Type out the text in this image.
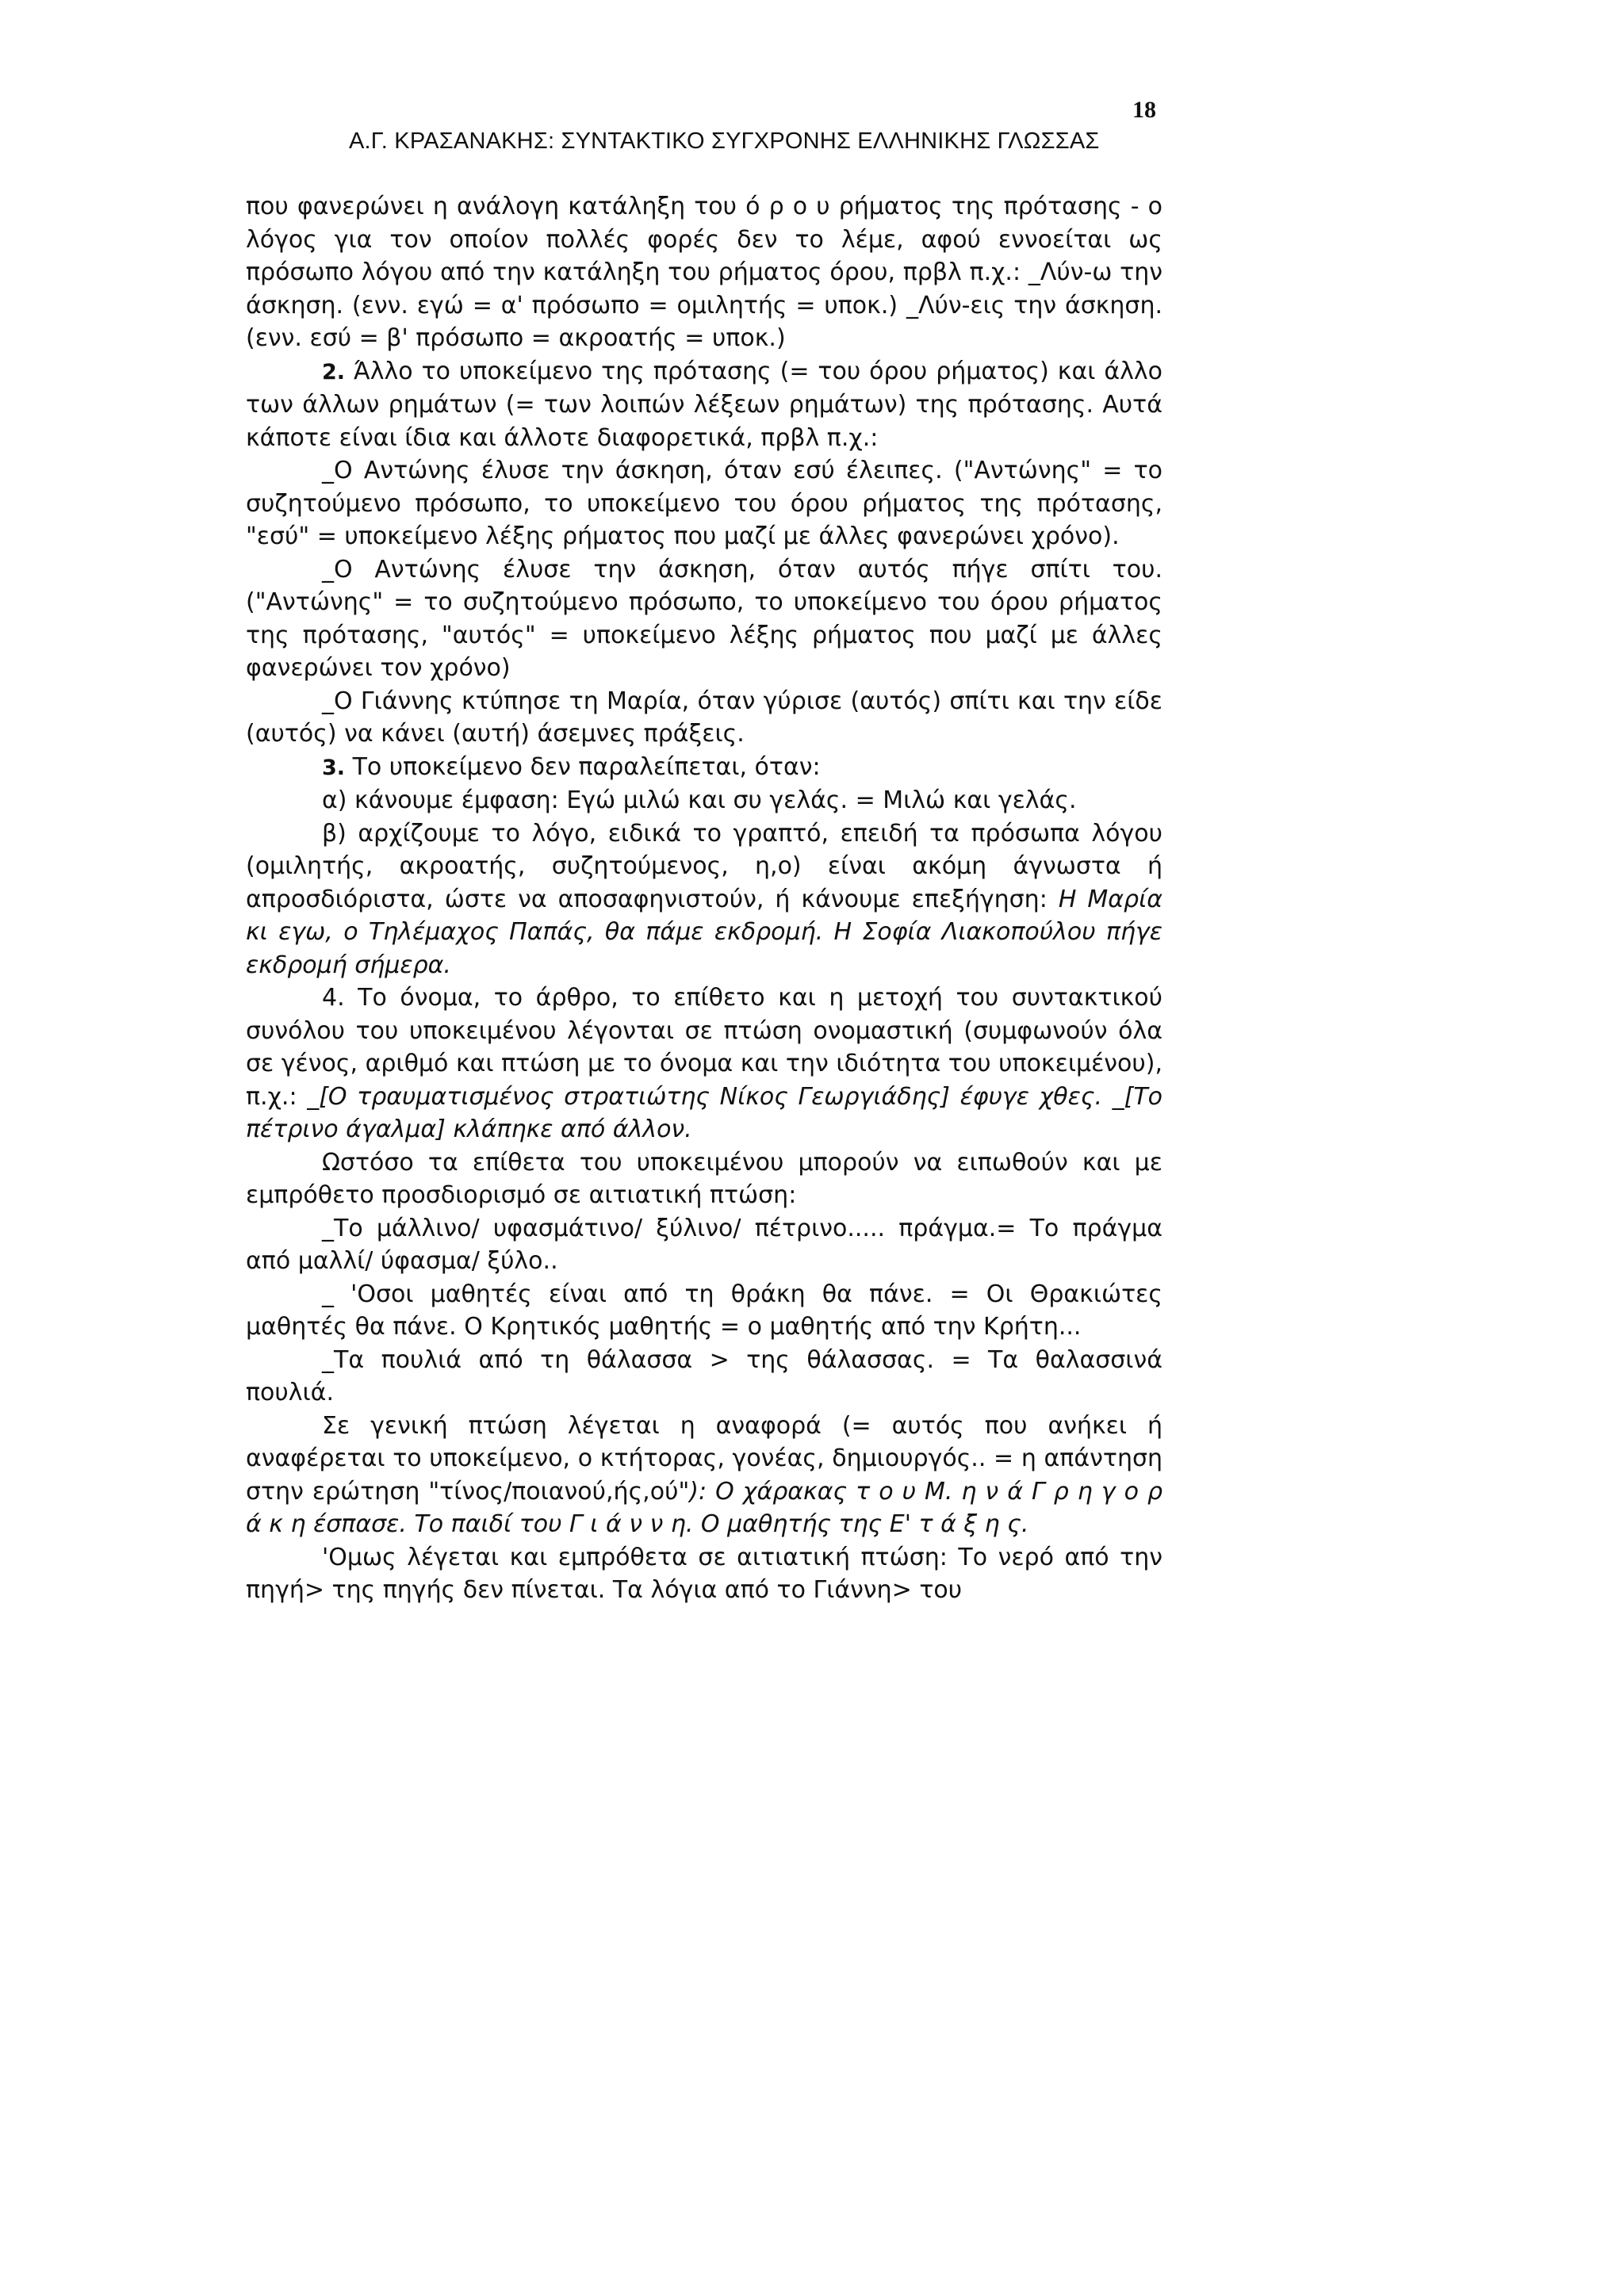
18
Α.Γ. ΚΡΑΣΑΝΑΚΗΣ: ΣΥΝΤΑΚΤΙΚΟ ΣΥΓΧΡΟΝΗΣ ΕΛΛΗΝΙΚΗΣ ΓΛΩΣΣΑΣ

που φανερώνει η ανάλογη κατάληξη του ό ρ ο υ ρήματος της πρότασης - ο λόγος για τον οποίον πολλές φορές δεν το λέμε, αφού εννοείται ως πρόσωπο λόγου από την κατάληξη του ρήματος όρου, πρβλ π.χ.: _Λύν-ω την άσκηση. (ενν. εγώ = α' πρόσωπο = ομιλητής = υποκ.) _Λύν-εις την άσκηση. (ενν. εσύ = β' πρόσωπο = ακροατής = υποκ.)

2. Άλλο το υποκείμενο της πρότασης (= του όρου ρήματος) και άλλο των άλλων ρημάτων (= των λοιπών λέξεων ρημάτων) της πρότασης. Αυτά κάποτε είναι ίδια και άλλοτε διαφορετικά, πρβλ π.χ.:

_Ο Αντώνης έλυσε την άσκηση, όταν εσύ έλειπες. ("Αντώνης" = το συζητούμενο πρόσωπο, το υποκείμενο του όρου ρήματος της πρότασης, "εσύ" = υποκείμενο λέξης ρήματος που μαζί με άλλες φανερώνει χρόνο).

_Ο Αντώνης έλυσε την άσκηση, όταν αυτός πήγε σπίτι του. ("Αντώνης" = το συζητούμενο πρόσωπο, το υποκείμενο του όρου ρήματος της πρότασης, "αυτός" = υποκείμενο λέξης ρήματος που μαζί με άλλες φανερώνει τον χρόνο)

_Ο Γιάννης κτύπησε τη Μαρία, όταν γύρισε (αυτός) σπίτι και την είδε (αυτός) να κάνει (αυτή) άσεμνες πράξεις.

3. Το υποκείμενο δεν παραλείπεται, όταν:

α) κάνουμε έμφαση: Εγώ μιλώ και συ γελάς. = Μιλώ και γελάς.

β) αρχίζουμε το λόγο, ειδικά το γραπτό, επειδή τα πρόσωπα λόγου (ομιλητής, ακροατής, συζητούμενος, η,ο) είναι ακόμη άγνωστα ή απροσδιόριστα, ώστε να αποσαφηνιστούν, ή κάνουμε επεξήγηση: Η Μαρία κι εγω, ο Τηλέμαχος Παπάς, θα πάμε εκδρομή. Η Σοφία Λιακοπούλου πήγε εκδρομή σήμερα.

4. Το όνομα, το άρθρο, το επίθετο και η μετοχή του συντακτικού συνόλου του υποκειμένου λέγονται σε πτώση ονομαστική (συμφωνούν όλα σε γένος, αριθμό και πτώση με το όνομα και την ιδιότητα του υποκειμένου), π.χ.: _[Ο τραυματισμένος στρατιώτης Νίκος Γεωργιάδης] έφυγε χθες. _[Το πέτρινο άγαλμα] κλάπηκε από άλλον.

Ωστόσο τα επίθετα του υποκειμένου μπορούν να ειπωθούν και με εμπρόθετο προσδιορισμό σε αιτιατική πτώση:

_Το μάλλινο/ υφασμάτινο/ ξύλινο/ πέτρινο..... πράγμα.= Το πράγμα από μαλλί/ ύφασμα/ ξύλο..

_ 'Οσοι μαθητές είναι από τη θράκη θα πάνε. = Οι Θρακιώτες μαθητές θα πάνε. Ο Κρητικός μαθητής = ο μαθητής από την Κρήτη...

_Τα πουλιά από τη θάλασσα > της θάλασσας. = Τα θαλασσινά πουλιά.

Σε γενική πτώση λέγεται η αναφορά (= αυτός που ανήκει ή αναφέρεται το υποκείμενο, ο κτήτορας, γονέας, δημιουργός.. = η απάντηση στην ερώτηση "τίνος/ποιανού,ής,ού"): Ο χάρακας τ ο υ Μ. η ν ά Γ ρ η γ ο ρ ά κ η έσπασε. Το παιδί του Γ ι ά ν ν η. Ο μαθητής της Ε' τ ά ξ η ς.

'Ομως λέγεται και εμπρόθετα σε αιτιατική πτώση: Το νερό από την πηγή> της πηγής δεν πίνεται. Τα λόγια από το Γιάννη> του
